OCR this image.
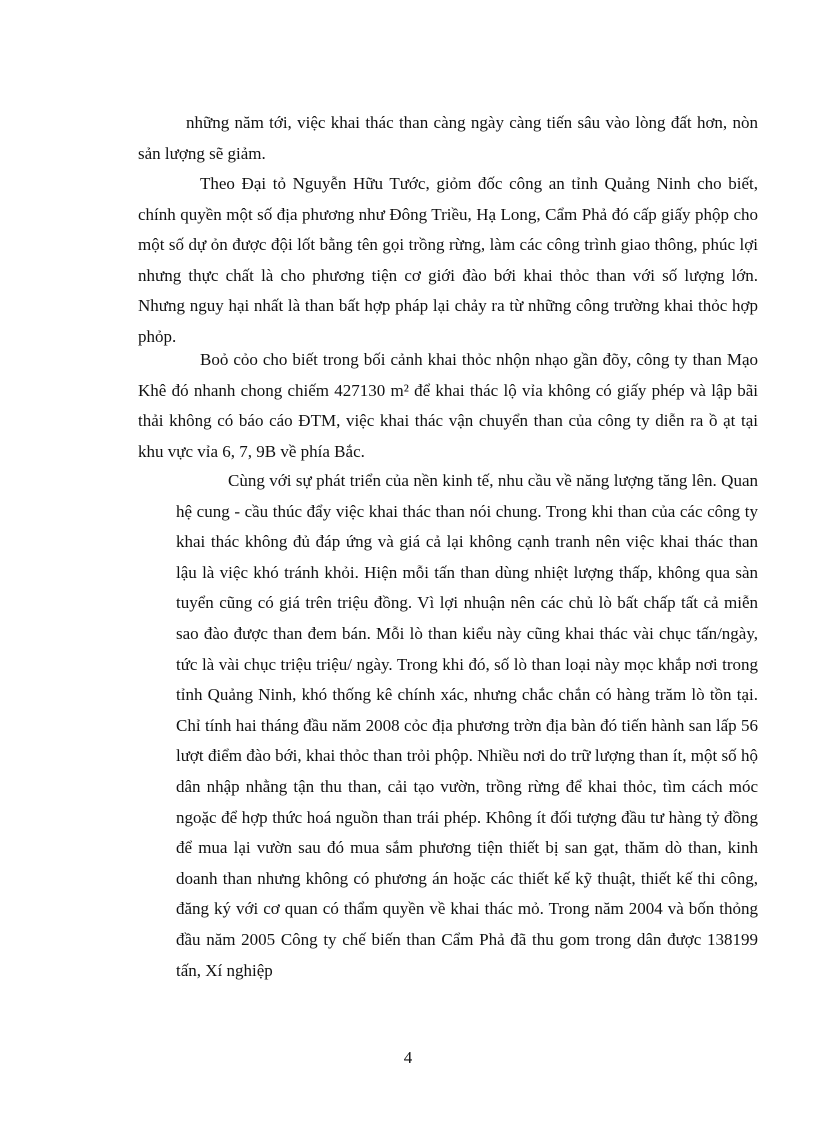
những năm tới, việc khai thác than càng ngày càng tiến sâu vào lòng đất hơn, nòn sản lượng sẽ giảm.

Theo Đại tỏ Nguyễn Hữu Tước, giỏm đốc công an tỉnh Quảng Ninh cho biết, chính quyền một số địa phương như Đông Triều, Hạ Long, Cẩm Phả đó cấp giấy phộp cho một số dự ỏn được đội lốt bằng tên gọi trồng rừng, làm các công trình giao thông, phúc lợi nhưng thực chất là cho phương tiện cơ giới đào bới khai thỏc than với số lượng lớn. Nhưng nguy hại nhất là than bất hợp pháp lại chảy ra từ những công trường khai thỏc hợp phỏp.

Boỏ cỏo cho biết trong bối cảnh khai thỏc nhộn nhạo gần đõy, công ty than Mạo Khê đó nhanh chong chiếm 427130 m² để khai thác lộ vỉa không có giấy phép và lập bãi thải không có báo cáo ĐTM, việc khai thác vận chuyển than của công ty diễn ra ồ ạt tại khu vực vỉa 6, 7, 9B về phía Bắc.

Cùng với sự phát triển của nền kinh tế, nhu cầu về năng lượng tăng lên. Quan hệ cung - cầu thúc đẩy việc khai thác than nói chung. Trong khi than của các công ty khai thác không đủ đáp ứng và giá cả lại không cạnh tranh nên việc khai thác than lậu là việc khó tránh khỏi. Hiện mỗi tấn than dùng nhiệt lượng thấp, không qua sàn tuyển cũng có giá trên triệu đồng. Vì lợi nhuận nên các chủ lò bất chấp tất cả miễn sao đào được than đem bán. Mỗi lò than kiểu này cũng khai thác vài chục tấn/ngày, tức là vài chục triệu triệu/ ngày. Trong khi đó, số lò than loại này mọc khắp nơi trong tỉnh Quảng Ninh, khó thống kê chính xác, nhưng chắc chắn có hàng trăm lò tồn tại. Chỉ tính hai tháng đầu năm 2008 cỏc địa phương trờn địa bàn đó tiến hành san lấp 56 lượt điểm đào bới, khai thỏc than trỏi phộp. Nhiều nơi do trữ lượng than ít, một số hộ dân nhập nhằng tận thu than, cải tạo vườn, trồng rừng để khai thỏc, tìm cách móc ngoặc để hợp thức hoá nguồn than trái phép. Không ít đối tượng đầu tư hàng tỷ đồng để mua lại vườn sau đó mua sắm phương tiện thiết bị san gạt, thăm dò than, kinh doanh than nhưng không có phương án hoặc các thiết kế kỹ thuật, thiết kế thi công, đăng ký với cơ quan có thẩm quyền về khai thác mỏ. Trong năm 2004 và bốn thỏng đầu năm 2005 Công ty chế biến than Cẩm Phả đã thu gom trong dân được 138199 tấn, Xí nghiệp

4
